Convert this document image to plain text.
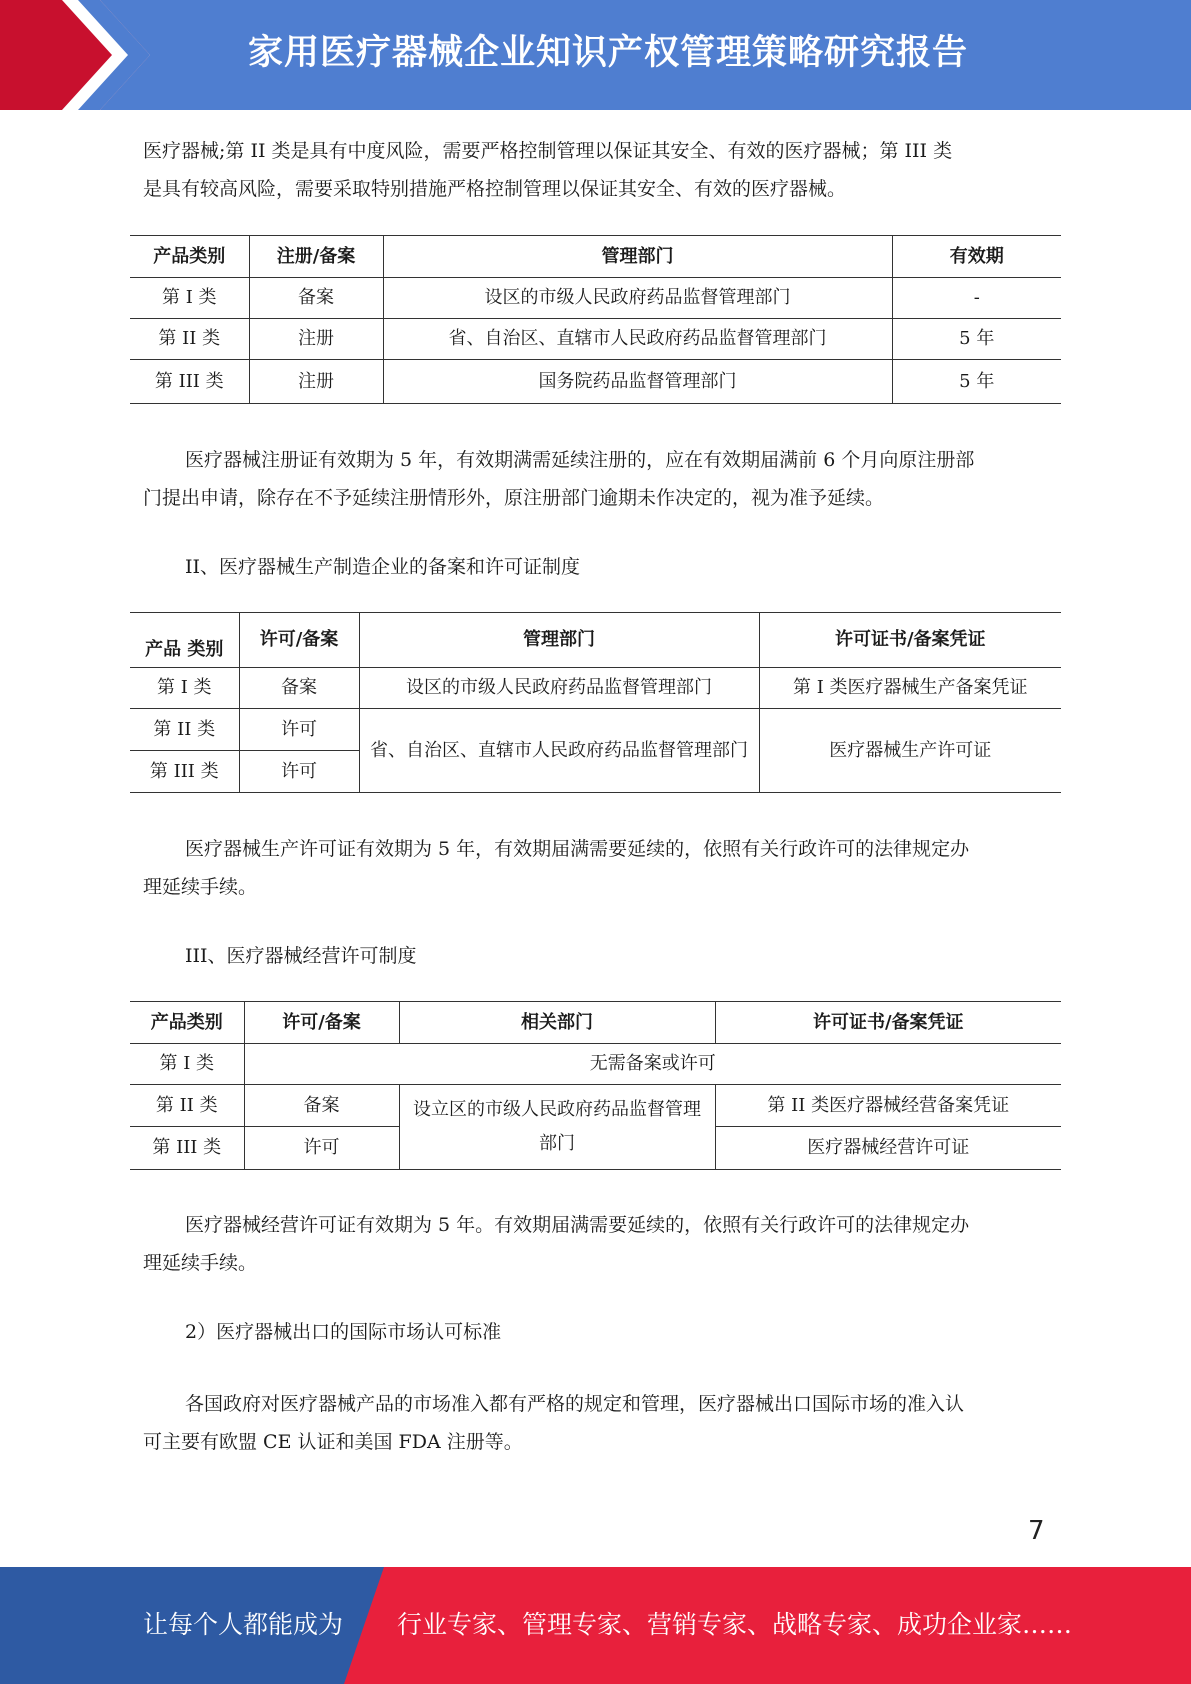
家用医疗器械企业知识产权管理策略研究报告

医疗器械;第 II 类是具有中度风险，需要严格控制管理以保证其安全、有效的医疗器械；第 III 类
是具有较高风险，需要采取特别措施严格控制管理以保证其安全、有效的医疗器械。

产品类别	注册/备案	管理部门	有效期
第 I 类	备案	设区的市级人民政府药品监督管理部门	-
第 II 类	注册	省、自治区、直辖市人民政府药品监督管理部门	5 年
第 III 类	注册	国务院药品监督管理部门	5 年

医疗器械注册证有效期为 5 年，有效期满需延续注册的，应在有效期届满前 6 个月向原注册部
门提出申请，除存在不予延续注册情形外，原注册部门逾期未作决定的，视为准予延续。

II、医疗器械生产制造企业的备案和许可证制度

产品 类别	许可/备案	管理部门	许可证书/备案凭证
第 I 类	备案	设区的市级人民政府药品监督管理部门	第 I 类医疗器械生产备案凭证
第 II 类	许可	省、自治区、直辖市人民政府药品监督管理部门	医疗器械生产许可证
第 III 类	许可		

医疗器械生产许可证有效期为 5 年，有效期届满需要延续的，依照有关行政许可的法律规定办
理延续手续。

III、医疗器械经营许可制度

产品类别	许可/备案	相关部门	许可证书/备案凭证
第 I 类	无需备案或许可		
第 II 类	备案	设立区的市级人民政府药品监督管理部门	第 II 类医疗器械经营备案凭证
第 III 类	许可		医疗器械经营许可证

医疗器械经营许可证有效期为 5 年。有效期届满需要延续的，依照有关行政许可的法律规定办
理延续手续。

2）医疗器械出口的国际市场认可标准

各国政府对医疗器械产品的市场准入都有严格的规定和管理，医疗器械出口国际市场的准入认
可主要有欧盟 CE 认证和美国 FDA 注册等。

7
让每个人都能成为 行业专家、管理专家、营销专家、战略专家、成功企业家……
